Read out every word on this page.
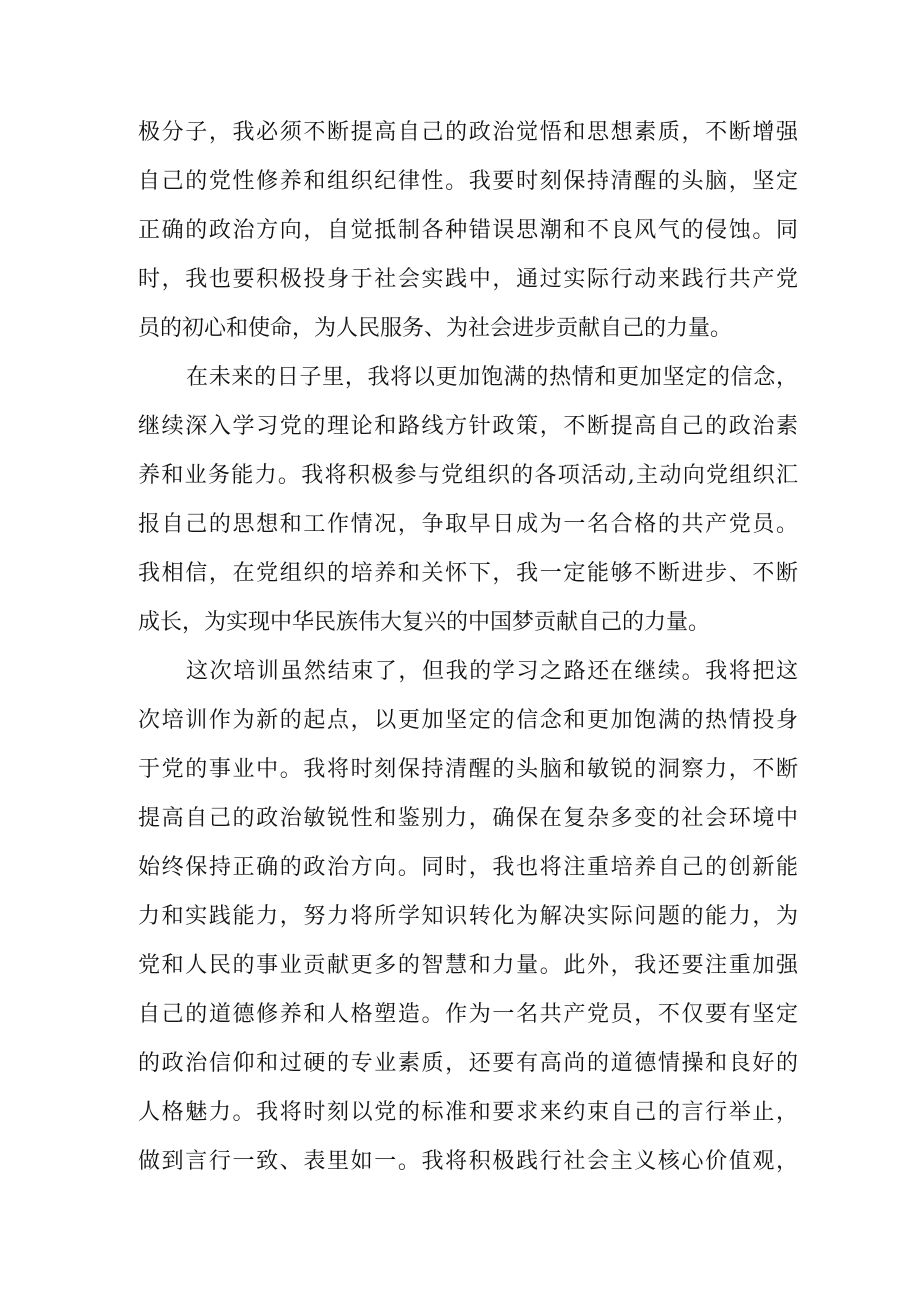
极分子，我必须不断提高自己的政治觉悟和思想素质，不断增强
自己的党性修养和组织纪律性。我要时刻保持清醒的头脑，坚定
正确的政治方向，自觉抵制各种错误思潮和不良风气的侵蚀。同
时，我也要积极投身于社会实践中，通过实际行动来践行共产党
员的初心和使命，为人民服务、为社会进步贡献自己的力量。
在未来的日子里，我将以更加饱满的热情和更加坚定的信念，
继续深入学习党的理论和路线方针政策，不断提高自己的政治素
养和业务能力。我将积极参与党组织的各项活动,主动向党组织汇
报自己的思想和工作情况，争取早日成为一名合格的共产党员。
我相信，在党组织的培养和关怀下，我一定能够不断进步、不断
成长，为实现中华民族伟大复兴的中国梦贡献自己的力量。
这次培训虽然结束了，但我的学习之路还在继续。我将把这
次培训作为新的起点，以更加坚定的信念和更加饱满的热情投身
于党的事业中。我将时刻保持清醒的头脑和敏锐的洞察力，不断
提高自己的政治敏锐性和鉴别力，确保在复杂多变的社会环境中
始终保持正确的政治方向。同时，我也将注重培养自己的创新能
力和实践能力，努力将所学知识转化为解决实际问题的能力，为
党和人民的事业贡献更多的智慧和力量。此外，我还要注重加强
自己的道德修养和人格塑造。作为一名共产党员，不仅要有坚定
的政治信仰和过硬的专业素质，还要有高尚的道德情操和良好的
人格魅力。我将时刻以党的标准和要求来约束自己的言行举止，
做到言行一致、表里如一。我将积极践行社会主义核心价值观，
